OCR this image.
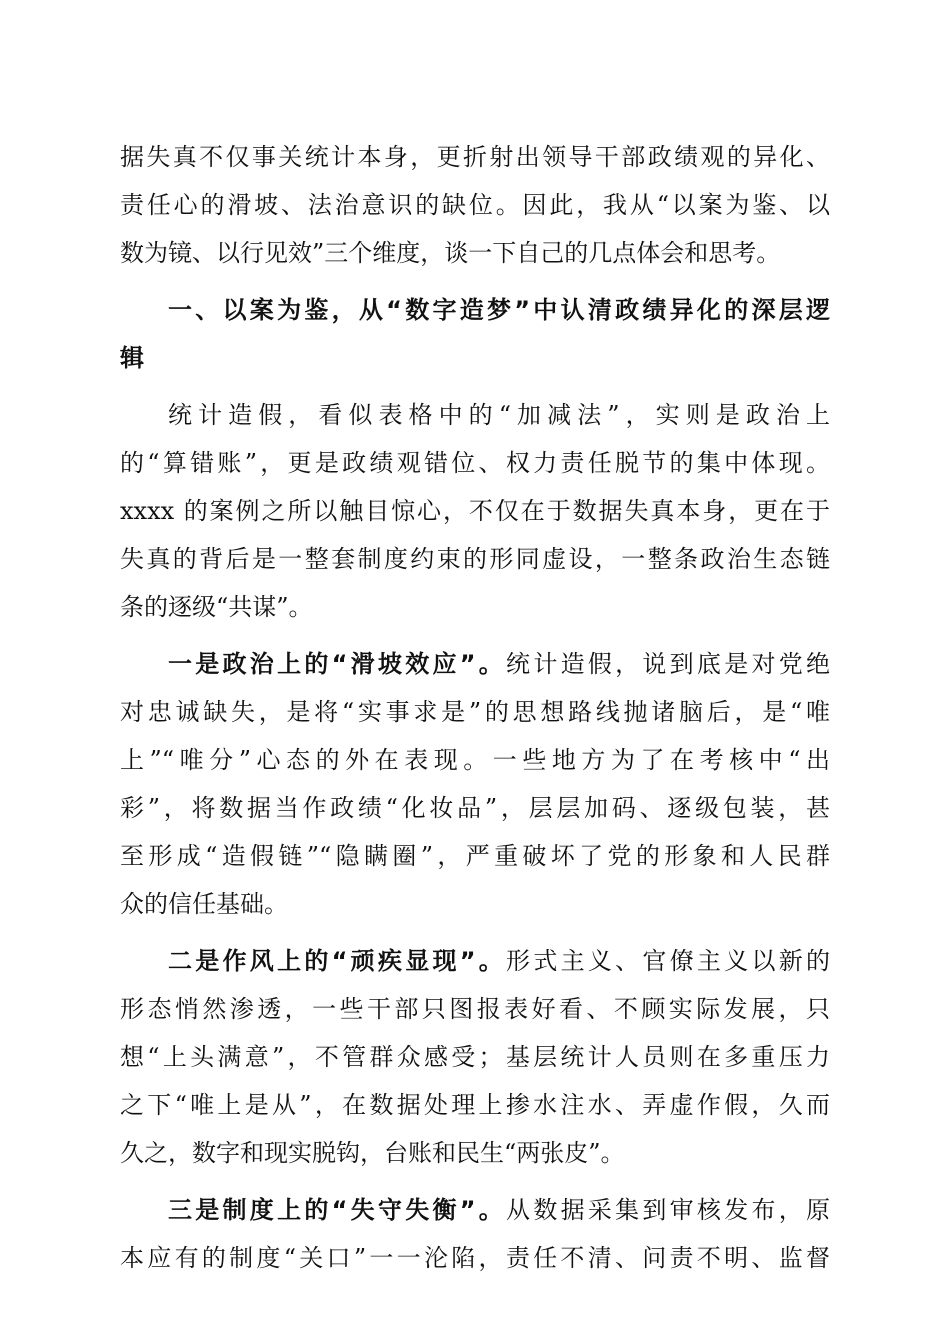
据失真不仅事关统计本身，更折射出领导干部政绩观的异化、
责任心的滑坡、法治意识的缺位。因此，我从“以案为鉴、以
数为镜、以行见效”三个维度，谈一下自己的几点体会和思考。
一、以案为鉴，从“数字造梦”中认清政绩异化的深层逻
辑
统计造假，看似表格中的“加减法”，实则是政治上
的“算错账”，更是政绩观错位、权力责任脱节的集中体现。
xxxx 的案例之所以触目惊心，不仅在于数据失真本身，更在于
失真的背后是一整套制度约束的形同虚设，一整条政治生态链
条的逐级“共谋”。
一是政治上的“滑坡效应”。统计造假，说到底是对党绝
对忠诚缺失，是将“实事求是”的思想路线抛诸脑后，是“唯
上”“唯分”心态的外在表现。一些地方为了在考核中“出
彩”，将数据当作政绩“化妆品”，层层加码、逐级包装，甚
至形成“造假链”“隐瞒圈”，严重破坏了党的形象和人民群
众的信任基础。
二是作风上的“顽疾显现”。形式主义、官僚主义以新的
形态悄然渗透，一些干部只图报表好看、不顾实际发展，只
想“上头满意”，不管群众感受；基层统计人员则在多重压力
之下“唯上是从”，在数据处理上掺水注水、弄虚作假，久而
久之，数字和现实脱钩，台账和民生“两张皮”。
三是制度上的“失守失衡”。从数据采集到审核发布，原
本应有的制度“关口”一一沦陷，责任不清、问责不明、监督
